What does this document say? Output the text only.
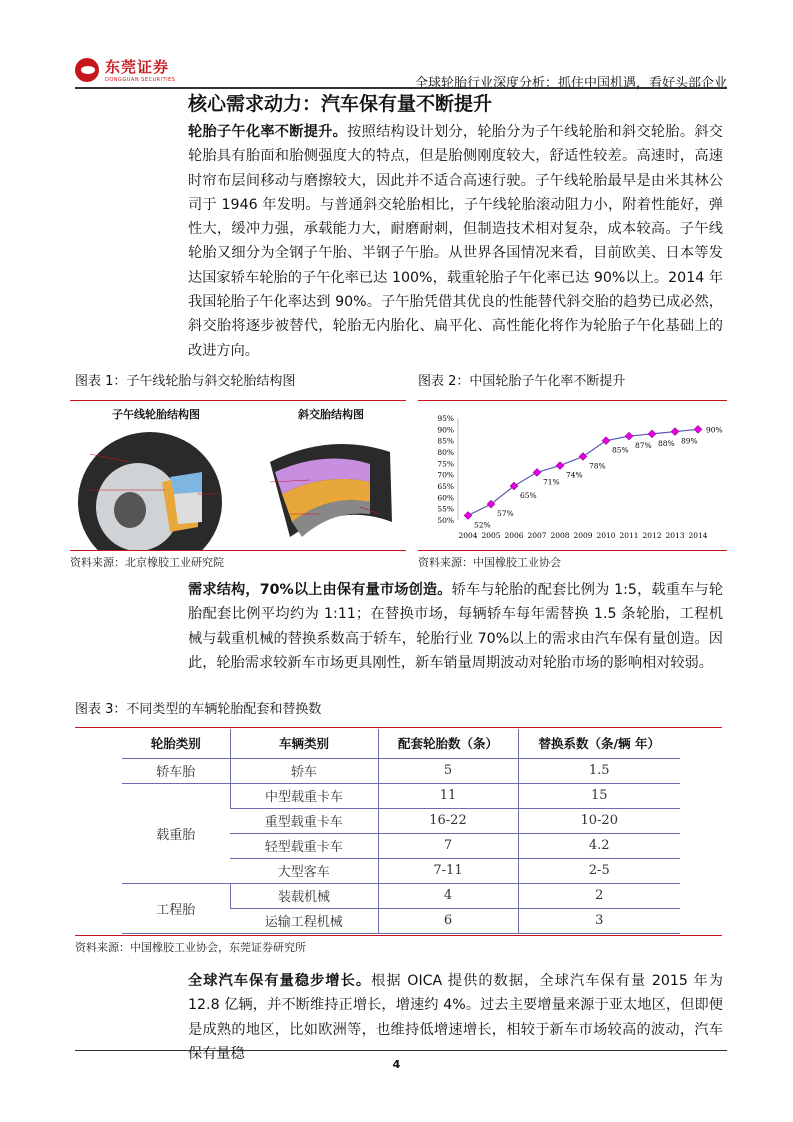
东莞证券
DONGGUAN SECURITIES	全球轮胎行业深度分析：抓住中国机遇，看好头部企业
核心需求动力：汽车保有量不断提升
轮胎子午化率不断提升。按照结构设计划分，轮胎分为子午线轮胎和斜交轮胎。斜交轮胎具有胎面和胎侧强度大的特点，但是胎侧刚度较大，舒适性较差。高速时，高速时帘布层间移动与磨擦较大，因此并不适合高速行驶。子午线轮胎最早是由米其林公司于 1946 年发明。与普通斜交轮胎相比，子午线轮胎滚动阻力小，附着性能好，弹性大，缓冲力强，承载能力大，耐磨耐刺，但制造技术相对复杂，成本较高。子午线轮胎又细分为全钢子午胎、半钢子午胎。从世界各国情况来看，目前欧美、日本等发达国家轿车轮胎的子午化率已达 100%，载重轮胎子午化率已达 90%以上。2014 年我国轮胎子午化率达到 90%。子午胎凭借其优良的性能替代斜交胎的趋势已成必然，斜交胎将逐步被替代，轮胎无内胎化、扁平化、高性能化将作为轮胎子午化基础上的改进方向。
图表 1：子午线轮胎与斜交轮胎结构图	图表 2：中国轮胎子午化率不断提升
子午线轮胎结构图	斜交胎结构图
50%
55%
60%
65%
70%
75%
80%
85%
90%
95%
2004 2005 2006 2007 2008 2009 2010 2011 2012 2013 2014
52%
57%
65%
71%
74%
78%
85%
87% 88% 89%
90%
资料来源：北京橡胶工业研究院	资料来源：中国橡胶工业协会
需求结构，70%以上由保有量市场创造。轿车与轮胎的配套比例为 1:5，载重车与轮胎配套比例平均约为 1:11；在替换市场，每辆轿车每年需替换 1.5 条轮胎，工程机械与载重机械的替换系数高于轿车，轮胎行业 70%以上的需求由汽车保有量创造。因此，轮胎需求较新车市场更具刚性，新车销量周期波动对轮胎市场的影响相对较弱。
图表 3：不同类型的车辆轮胎配套和替换数
轮胎类别	车辆类别	配套轮胎数（条）	替换系数（条/辆 年）
轿车胎	轿车	5	1.5
载重胎	中型载重卡车	11	15
	重型载重卡车	16-22	10-20
	轻型载重卡车	7	4.2
	大型客车	7-11	2-5
工程胎	装载机械	4	2
	运输工程机械	6	3
资料来源：中国橡胶工业协会，东莞证券研究所
全球汽车保有量稳步增长。根据 OICA 提供的数据，全球汽车保有量 2015 年为 12.8 亿辆，并不断维持正增长，增速约 4%。过去主要增量来源于亚太地区，但即便是成熟的地区，比如欧洲等，也维持低增速增长，相较于新车市场较高的波动，汽车保有量稳
4
